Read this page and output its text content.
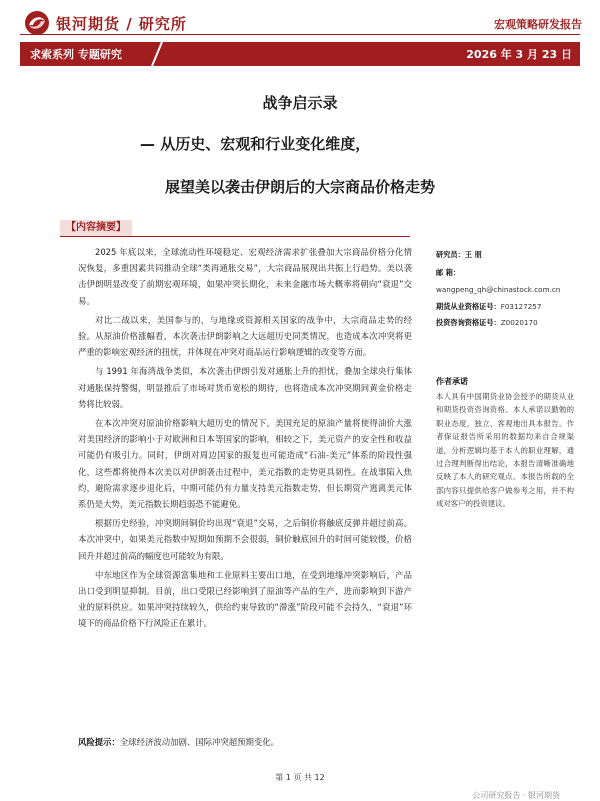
银河期货 / 研究所	宏观策略研发报告
求索系列 专题研究	2026 年 3 月 23 日
战争启示录
— 从历史、宏观和行业变化维度，
展望美以袭击伊朗后的大宗商品价格走势
【内容摘要】

2025 年底以来，全球流动性环境稳定、宏观经济需求扩张叠加大宗商品价格分化情况恢复，多重因素共同推动全球“类再通胀交易”，大宗商品展现出共振上行趋势。美以袭击伊朗明显改变了前期宏观环境，如果冲突长期化，未来金融市场大概率将朝向“衰退”交易。

对比二战以来，美国参与的，与地缘或资源相关国家的战争中，大宗商品走势的经验。从原油价格涨幅看，本次袭击伊朗影响之大远超历史同类情况，也造成本次冲突将更严重的影响宏观经济的扭忧，并体现在冲突对商品运行影响逻辑的改变等方面。

与 1991 年海湾战争类似，本次袭击伊朗引发对通胀上升的担忧，叠加全球央行集体对通胀保持警惕，明显推后了市场对货币宽松的期待，也将造成本次冲突期间黄金价格走势将比较弱。

在本次冲突对原油价格影响大超历史的情况下，美国充足的原油产量将使得油价大涨对美国经济的影响小于对欧洲和日本等国家的影响，相较之下，美元资产的安全性和收益可能仍有吸引力。同时，伊朗对周边国家的报复也可能造成“石油-美元”体系的阶段性强化，这些都将使得本次美以对伊朗袭击过程中，美元指数的走势更具韧性。在战事陷入焦灼，避险需求逐步退化后，中期可能仍有力量支持美元指数走势，但长期资产逃离美元体系仍是大势，美元指数长期趋弱恐不能避免。

根据历史经验，冲突期间铜价均出现“衰退”交易，之后铜价将触底反弹并超过前高。本次冲突中，如果美元指数中短期如预期不会很弱，铜价触底回升的时间可能较慢，价格回升并超过前高的幅度也可能较为有限。

中东地区作为全球资源富集地和工业原料主要出口地，在受到地缘冲突影响后，产品出口受到明显抑制。目前，出口受限已经影响到了原油等产品的生产，进而影响到下游产业的原料供应。如果冲突持续较久，供给约束导致的“滞涨”阶段可能不会持久，“衰退”环境下的商品价格下行风险正在累计。

研究员：王 朋
邮 箱：
wangpeng_qh@chinastock.com.cn
期货从业资格证号：F03127257
投资咨询资格证号：Z0020170
作者承诺
本人具有中国期货业协会授予的期货从业和期货投资咨询资格。本人承诺以勤勉的职业态度，独立、客观地出具本报告。作者保证报告所采用的数据均来自合规渠道，分析逻辑均基于本人的职业理解，通过合理判断得出结论，本报告清晰准确地反映了本人的研究观点。本报告所载的全部内容只提供给客户做参考之用，并不构成对客户的投资建议。
风险提示：全球经济波动加剧、国际冲突超预期变化。
第 1 页 共 12
公司研究报告 · 银河期货
